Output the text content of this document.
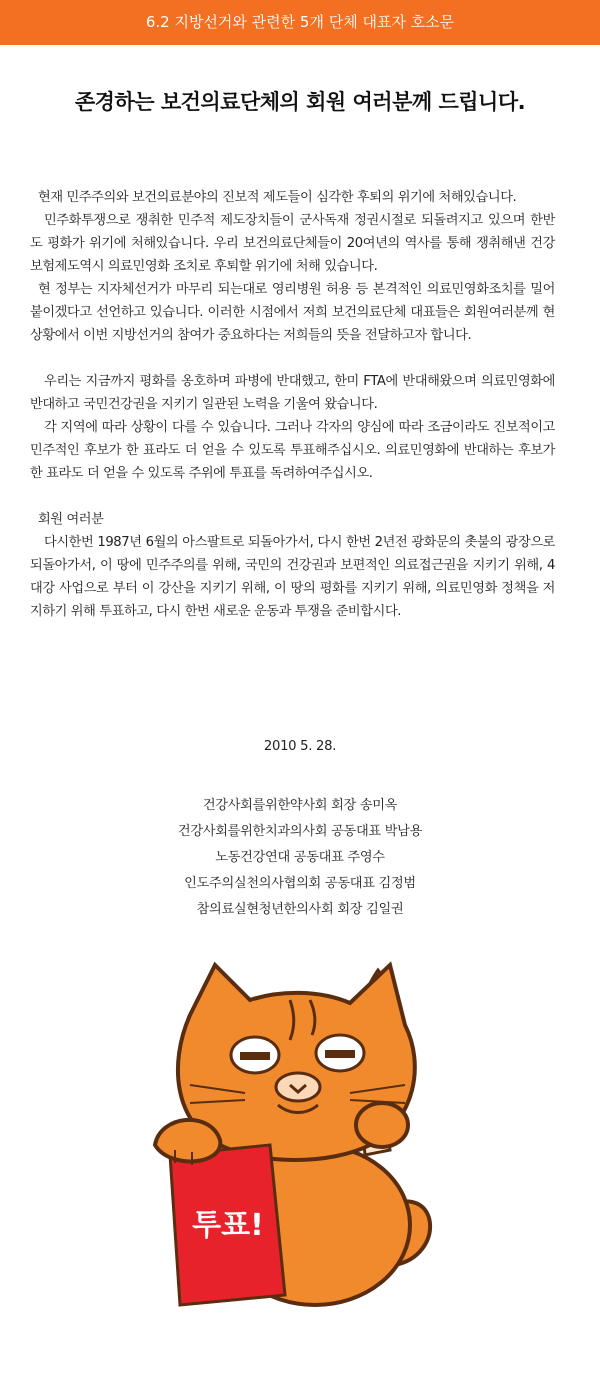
6.2 지방선거와 관련한 5개 단체 대표자 호소문
존경하는 보건의료단체의 회원 여러분께 드립니다.

현재 민주주의와 보건의료분야의 진보적 제도들이 심각한 후퇴의 위기에 처해있습니다.

민주화투쟁으로 쟁취한 민주적 제도장치들이 군사독재 정권시절로 되돌려지고 있으며 한반도 평화가 위기에 처해있습니다. 우리 보건의료단체들이 20여년의 역사를 통해 쟁취해낸 건강보험제도역시 의료민영화 조치로 후퇴할 위기에 처해 있습니다.

현 정부는 지자체선거가 마무리 되는대로 영리병원 허용 등 본격적인 의료민영화조치를 밀어붙이겠다고 선언하고 있습니다. 이러한 시점에서 저희 보건의료단체 대표들은 회원여러분께 현 상황에서 이번 지방선거의 참여가 중요하다는 저희들의 뜻을 전달하고자 합니다.

우리는 지금까지 평화를 옹호하며 파병에 반대했고, 한미 FTA에 반대해왔으며 의료민영화에 반대하고 국민건강권을 지키기 일관된 노력을 기울여 왔습니다.

각 지역에 따라 상황이 다를 수 있습니다. 그러나 각자의 양심에 따라 조금이라도 진보적이고 민주적인 후보가 한 표라도 더 얻을 수 있도록 투표해주십시오. 의료민영화에 반대하는 후보가 한 표라도 더 얻을 수 있도록 주위에 투표를 독려하여주십시오.

회원 여러분

다시한번 1987년 6월의 아스팔트로 되돌아가서, 다시 한번 2년전 광화문의 촛불의 광장으로 되돌아가서, 이 땅에 민주주의를 위해, 국민의 건강권과 보편적인 의료접근권을 지키기 위해, 4대강 사업으로 부터 이 강산을 지키기 위해, 이 땅의 평화를 지키기 위해, 의료민영화 정책을 저지하기 위해 투표하고, 다시 한번 새로운 운동과 투쟁을 준비합시다.

2010 5. 28.
건강사회를위한약사회 회장 송미옥
건강사회를위한치과의사회 공동대표 박남용
노동건강연대 공동대표 주영수
인도주의실천의사협의회 공동대표 김정범
참의료실현청년한의사회 회장 김일권
투표!
